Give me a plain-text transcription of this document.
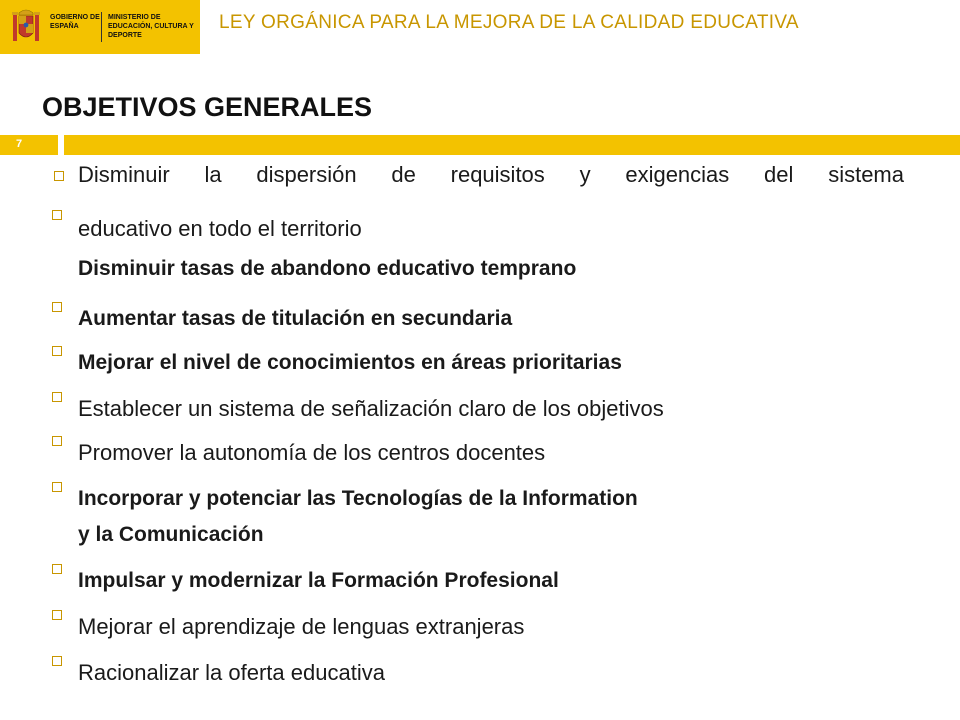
GOBIERNO DE ESPAÑA
MINISTERIO DE EDUCACIÓN, CULTURA Y DEPORTE
LEY ORGÁNICA PARA LA MEJORA DE LA CALIDAD EDUCATIVA
OBJETIVOS GENERALES
7
Disminuir la dispersión de requisitos y exigencias del sistema
educativo en todo el territorio
Disminuir tasas de abandono educativo temprano
Aumentar tasas de titulación en secundaria
Mejorar el nivel de conocimientos en áreas prioritarias
Establecer un sistema de señalización claro de los objetivos
Promover la autonomía de los centros docentes
Incorporar y potenciar las Tecnologías de la Information
y la Comunicación
Impulsar y modernizar la Formación Profesional
Mejorar el aprendizaje de lenguas extranjeras
Racionalizar la oferta educativa
